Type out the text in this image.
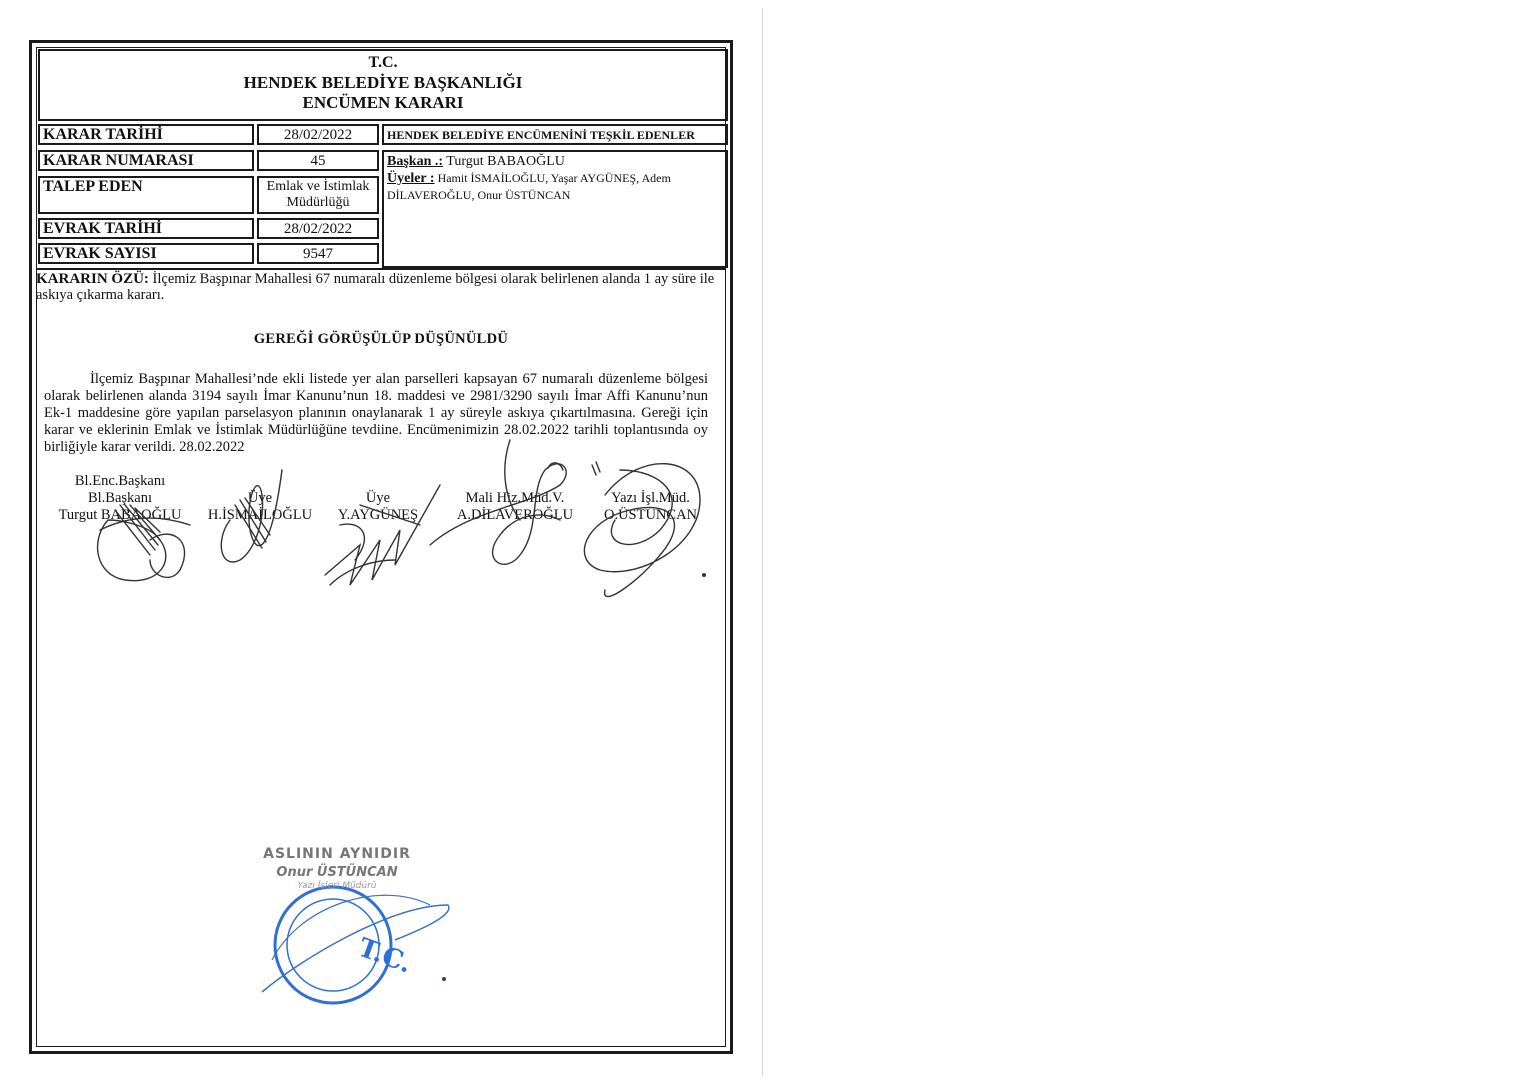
T.C.
HENDEK BELEDİYE BAŞKANLIĞI
ENCÜMEN KARARI
KARAR TARİHİ
KARAR NUMARASI
TALEP EDEN
EVRAK TARİHİ
EVRAK SAYISI
28/02/2022
45
Emlak ve İstimlak Müdürlüğü
28/02/2022
9547
HENDEK BELEDİYE ENCÜMENİNİ TEŞKİL EDENLER
Başkan .: Turgut BABAOĞLU
Üyeler : Hamit İSMAİLOĞLU, Yaşar AYGÜNEŞ, Adem DİLAVEROĞLU, Onur ÜSTÜNCAN
KARARIN ÖZÜ: İlçemiz Başpınar Mahallesi 67 numaralı düzenleme bölgesi olarak belirlenen alanda 1 ay süre ile askıya çıkarma kararı.
GEREĞİ GÖRÜŞÜLÜP DÜŞÜNÜLDÜ
İlçemiz Başpınar Mahallesi’nde ekli listede yer alan parselleri kapsayan 67 numaralı düzenleme bölgesi olarak belirlenen alanda 3194 sayılı İmar Kanunu’nun 18. maddesi ve 2981/3290 sayılı İmar Affi Kanunu’nun Ek-1 maddesine göre yapılan parselasyon planının onaylanarak 1 ay süreyle askıya çıkartılmasına. Gereği için karar ve eklerinin Emlak ve İstimlak Müdürlüğüne tevdiine. Encümenimizin 28.02.2022 tarihli toplantısında oy birliğiyle karar verildi. 28.02.2022
Bl.Enc.Başkanı
Bl.Başkanı
Turgut BABAOĞLU
Üye
H.İSMAİLOĞLU
Üye
Y.AYGÜNEŞ
Mali Hiz.Müd.V.
A.DİLAVEROĞLU
Yazı İşl.Müd.
O.ÜSTÜNCAN
T.C.
ASLININ AYNIDIR
Onur ÜSTÜNCAN
Yazı İşleri Müdürü
